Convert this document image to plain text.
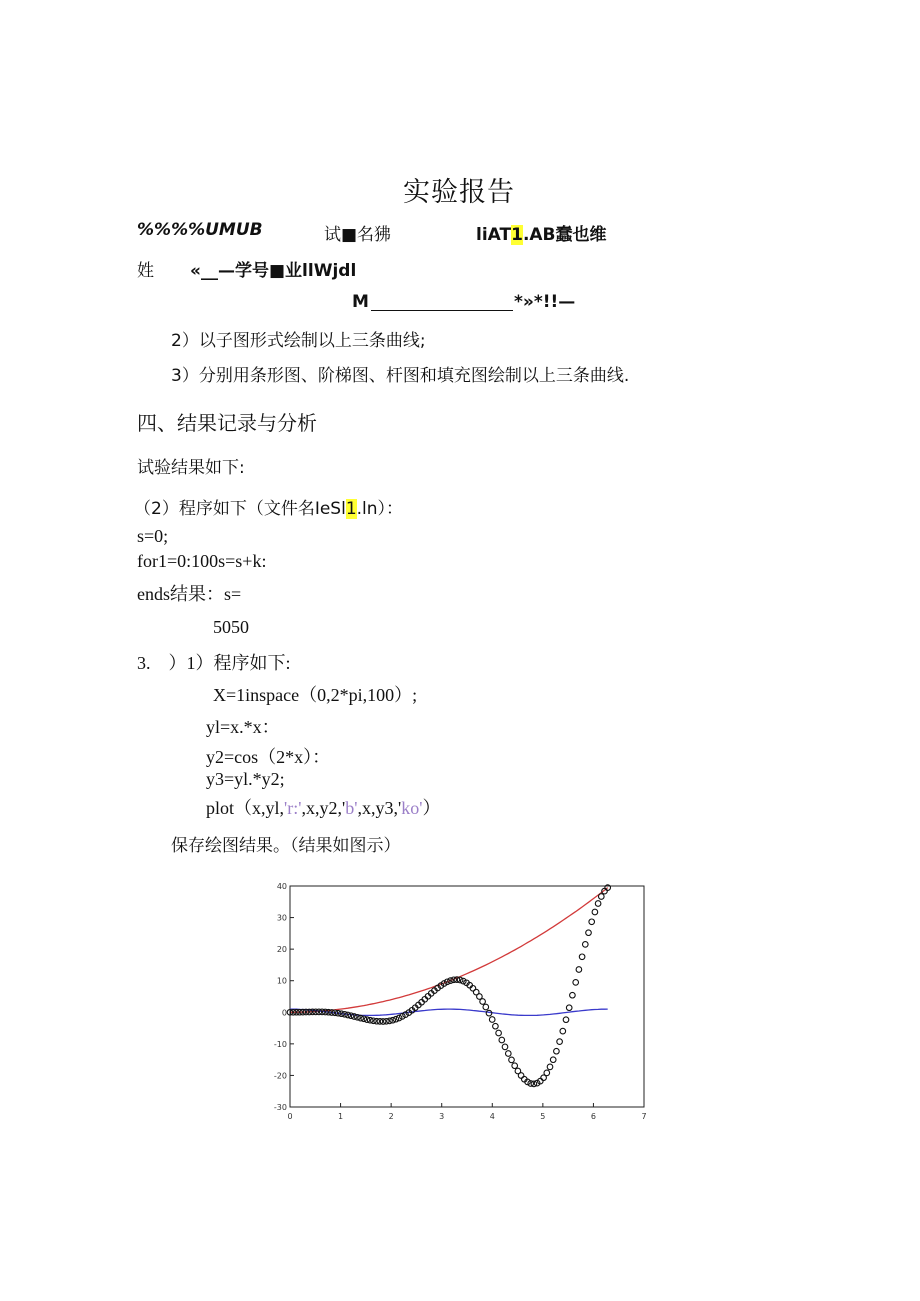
实验报告
%%%%UMUB	试■名狒	liAT1.AB蠢也维
姓 «__—学号■业llWjdl
M	*»*!!—
2）以子图形式绘制以上三条曲线;
3）分别用条形图、阶梯图、杆图和填充图绘制以上三条曲线.
四、结果记录与分析
试验结果如下:
（2）程序如下（文件名IeSl1.ln）：
s=0;
for1=0:100s=s+k:
ends结果：s=
5050
3.　）1）程序如下:
X=1inspace（0,2*pi,100）;
yl=x.*x：
y2=cos（2*x）：
y3=yl.*y2;
plot（x,yl,'r:',x,y2,'b',x,y3,'ko'）
保存绘图结果。（结果如图示）
0	1	2	3	4	5	6	7
-30
-20
-10
0
10
20
30
40
